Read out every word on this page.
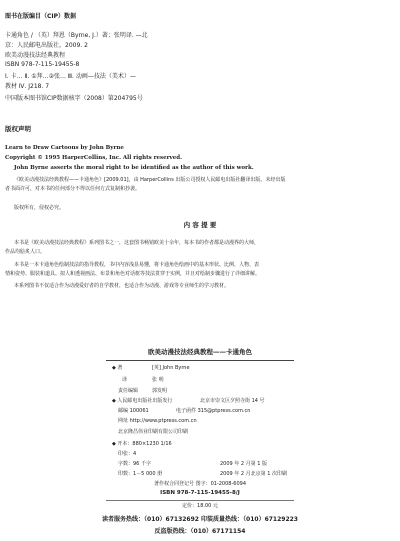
图书在版编目（CIP）数据
卡通角色 / （英）拜恩（Byrne, J.）著；张明译. —北
京：人民邮电出版社，2009. 2
欧美动漫技法经典教程
ISBN 978-7-115-19455-8
Ⅰ. 卡… Ⅱ. ①拜…②张… Ⅲ. 动画—技法（美术）—
教材 Ⅳ. J218. 7
中国版本图书馆CIP数据核字（2008）第204795号
版权声明
Learn to Draw Cartoons by John Byrne
Copyright © 1995 HarperCollins, Inc. All rights reserved.
John Byrne asserts the moral right to be identified as the author of this work.
《欧美动漫技法经典教程——卡通角色》[2009.01]，由 HarperCollins 出版公司授权人民邮电出版社翻译出版。未经出版
者书面许可，对本书的任何部分不得以任何方式复制和抄袭。
版权所有，侵权必究。
内 容 提 要
本书是《欧美动漫技法经典教程》系列图书之一，这套图书畅销欧美十余年，每本书的作者都是动漫界的大师，
作品均脍炙人口。
本书是一本卡通角色绘制技法的指导教程，书中内容浅显易懂，将卡通角色绘画中的基本形状、比例、人物、表
情和姿势、服装和道具、拟人和透视画法、布景和角色对话框等技法贯穿于实例，并且对绘制步骤进行了详细讲解。
本系列图书不仅适合作为动漫爱好者的自学教材，也适合作为动漫、游戏等专业师生的学习教材。
欧美动漫技法经典教程——卡通角色
◆ 著	[英] John Byrne
译	张 明
责任编辑	郭发明
◆ 人民邮电出版社出版发行	北京市崇文区夕照寺街 14 号
邮编 100061	电子函件 315@ptpress.com.cn
网址 http://www.ptpress.com.cn
北京隆昌伟业印刷有限公司印刷
◆ 开本：880×1230 1/16
印张：4
字数：96 千字	2009 年 2 月第 1 版
印数：1－5 000 册	2009 年 2 月北京第 1 次印刷
著作权合同登记号 图字：01-2008-6094
ISBN 978-7-115-19455-8/J
定价：18.00 元
读者服务热线：（010）67132692 印装质量热线：（010）67129223
反盗版热线：（010）67171154
